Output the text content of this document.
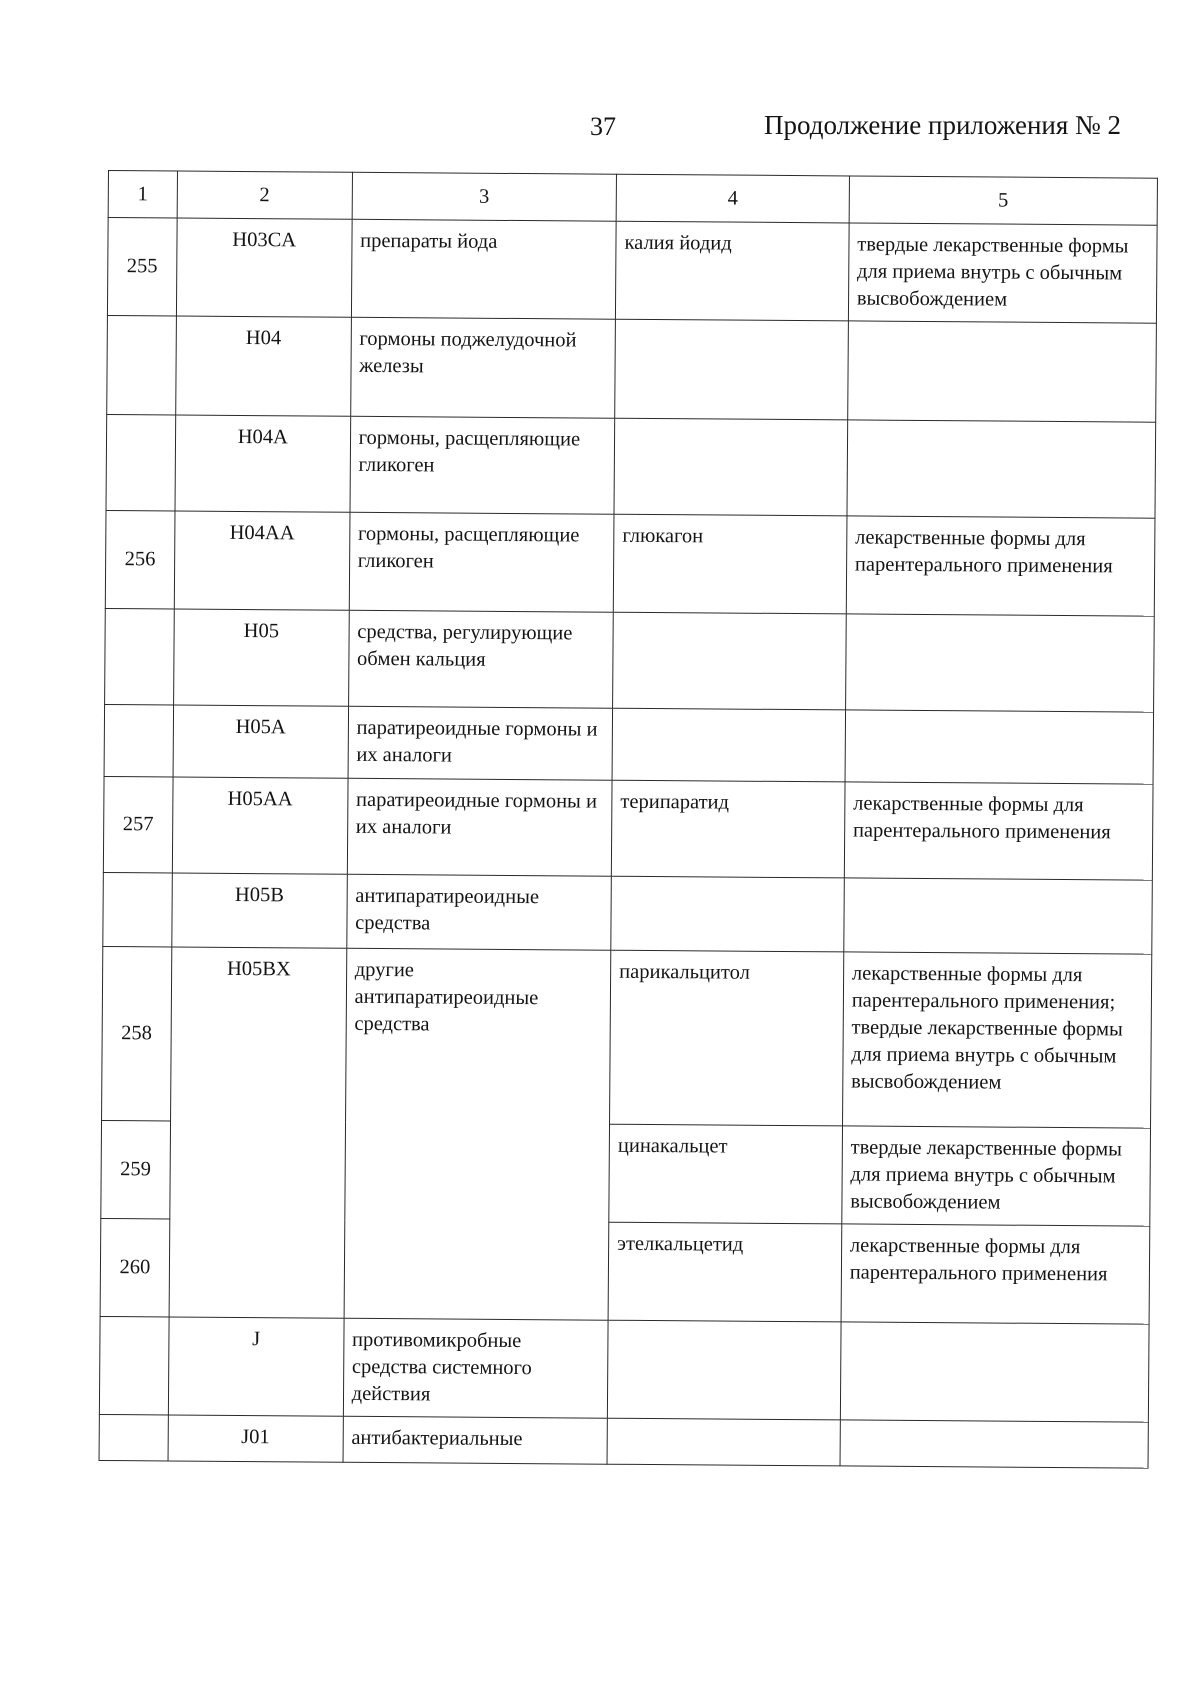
37	Продолжение приложения № 2
1	2	3	4	5
255	H03CA	препараты йода	калия йодид	твердые лекарственные формы для приема внутрь с обычным высвобождением
	H04	гормоны поджелудочной железы		
	H04A	гормоны, расщепляющие гликоген		
256	H04AA	гормоны, расщепляющие гликоген	глюкагон	лекарственные формы для парентерального применения
	H05	средства, регулирующие обмен кальция		
	H05A	паратиреоидные гормоны и их аналоги		
257	H05AA	паратиреоидные гормоны и их аналоги	терипаратид	лекарственные формы для парентерального применения
	H05B	антипаратиреоидные средства		
258	H05BX	другие антипаратиреоидные средства	парикальцитол	лекарственные формы для парентерального применения; твердые лекарственные формы для приема внутрь с обычным высвобождением
259			цинакальцет	твердые лекарственные формы для приема внутрь с обычным высвобождением
260			этелкальцетид	лекарственные формы для парентерального применения
	J	противомикробные средства системного действия		
	J01	антибактериальные		
